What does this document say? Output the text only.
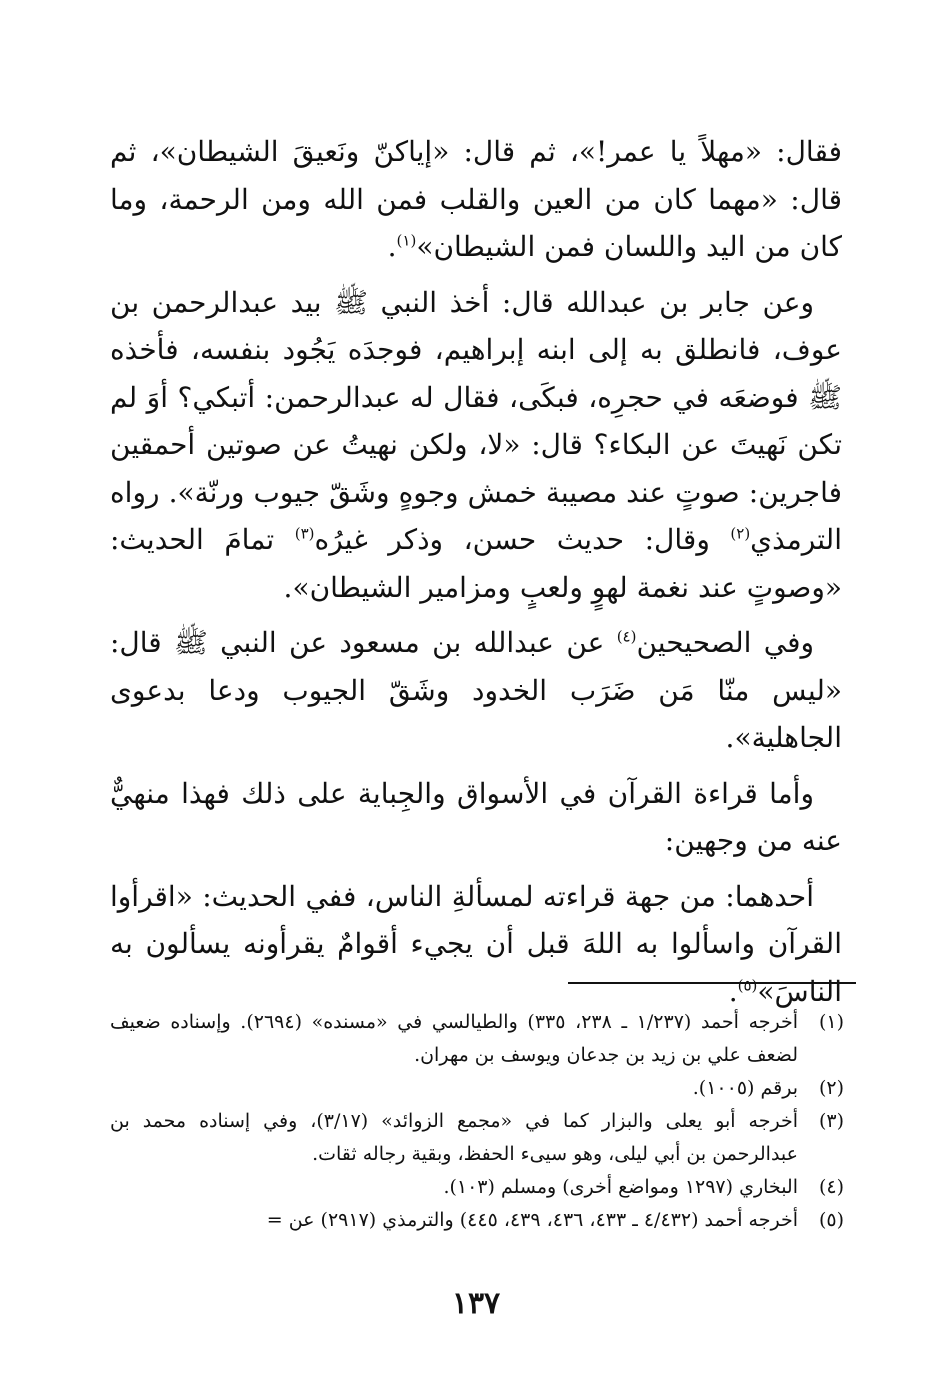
فقال: «مهلاً يا عمر!»، ثم قال: «إياكنّ ونَعيقَ الشيطان»، ثم قال: «مهما كان من العين والقلب فمن الله ومن الرحمة، وما كان من اليد واللسان فمن الشيطان»$^{(١)}$.

وعن جابر بن عبدالله قال: أخذ النبي ﷺ بيد عبدالرحمن بن عوف، فانطلق به إلى ابنه إبراهيم، فوجدَه يَجُود بنفسه، فأخذه ﷺ فوضعَه في حجرِه، فبكَى، فقال له عبدالرحمن: أتبكي؟ أوَ لم تكن نَهيتَ عن البكاء؟ قال: «لا، ولكن نهيتُ عن صوتين أحمقين فاجرين: صوتٍ عند مصيبة خمش وجوهٍ وشَقّ جيوب ورنّة». رواه الترمذي$^{(٢)}$ وقال: حديث حسن، وذكر غيرُه$^{(٣)}$ تمامَ الحديث: «وصوتٍ عند نغمة لهوٍ ولعبٍ ومزامير الشيطان».

وفي الصحيحين$^{(٤)}$ عن عبدالله بن مسعود عن النبي ﷺ قال: «ليس منّا مَن ضَرَب الخدود وشَقّ الجيوب ودعا بدعوى الجاهلية».

وأما قراءة القرآن في الأسواق والجِباية على ذلك فهذا منهيٌّ عنه من وجهين:

أحدهما: من جهة قراءته لمسألةِ الناس، ففي الحديث: «اقرأوا القرآن واسألوا به اللهَ قبل أن يجيء أقوامٌ يقرأونه يسألون به الناسَ»$^{(٥)}$.

(١)
أخرجه أحمد (١/٢٣٧ ـ ٢٣٨، ٣٣٥) والطيالسي في «مسنده» (٢٦٩٤). وإسناده ضعيف لضعف علي بن زيد بن جدعان ويوسف بن مهران.
(٢)
برقم (١٠٠٥).
(٣)
أخرجه أبو يعلى والبزار كما في «مجمع الزوائد» (٣/١٧)، وفي إسناده محمد بن عبدالرحمن بن أبي ليلى، وهو سيىء الحفظ، وبقية رجاله ثقات.
(٤)
البخاري (١٢٩٧ ومواضع أخرى) ومسلم (١٠٣).
(٥)
أخرجه أحمد (٤/٤٣٢ ـ ٤٣٣، ٤٣٦، ٤٣٩، ٤٤٥) والترمذي (٢٩١٧) عن =
١٣٧
